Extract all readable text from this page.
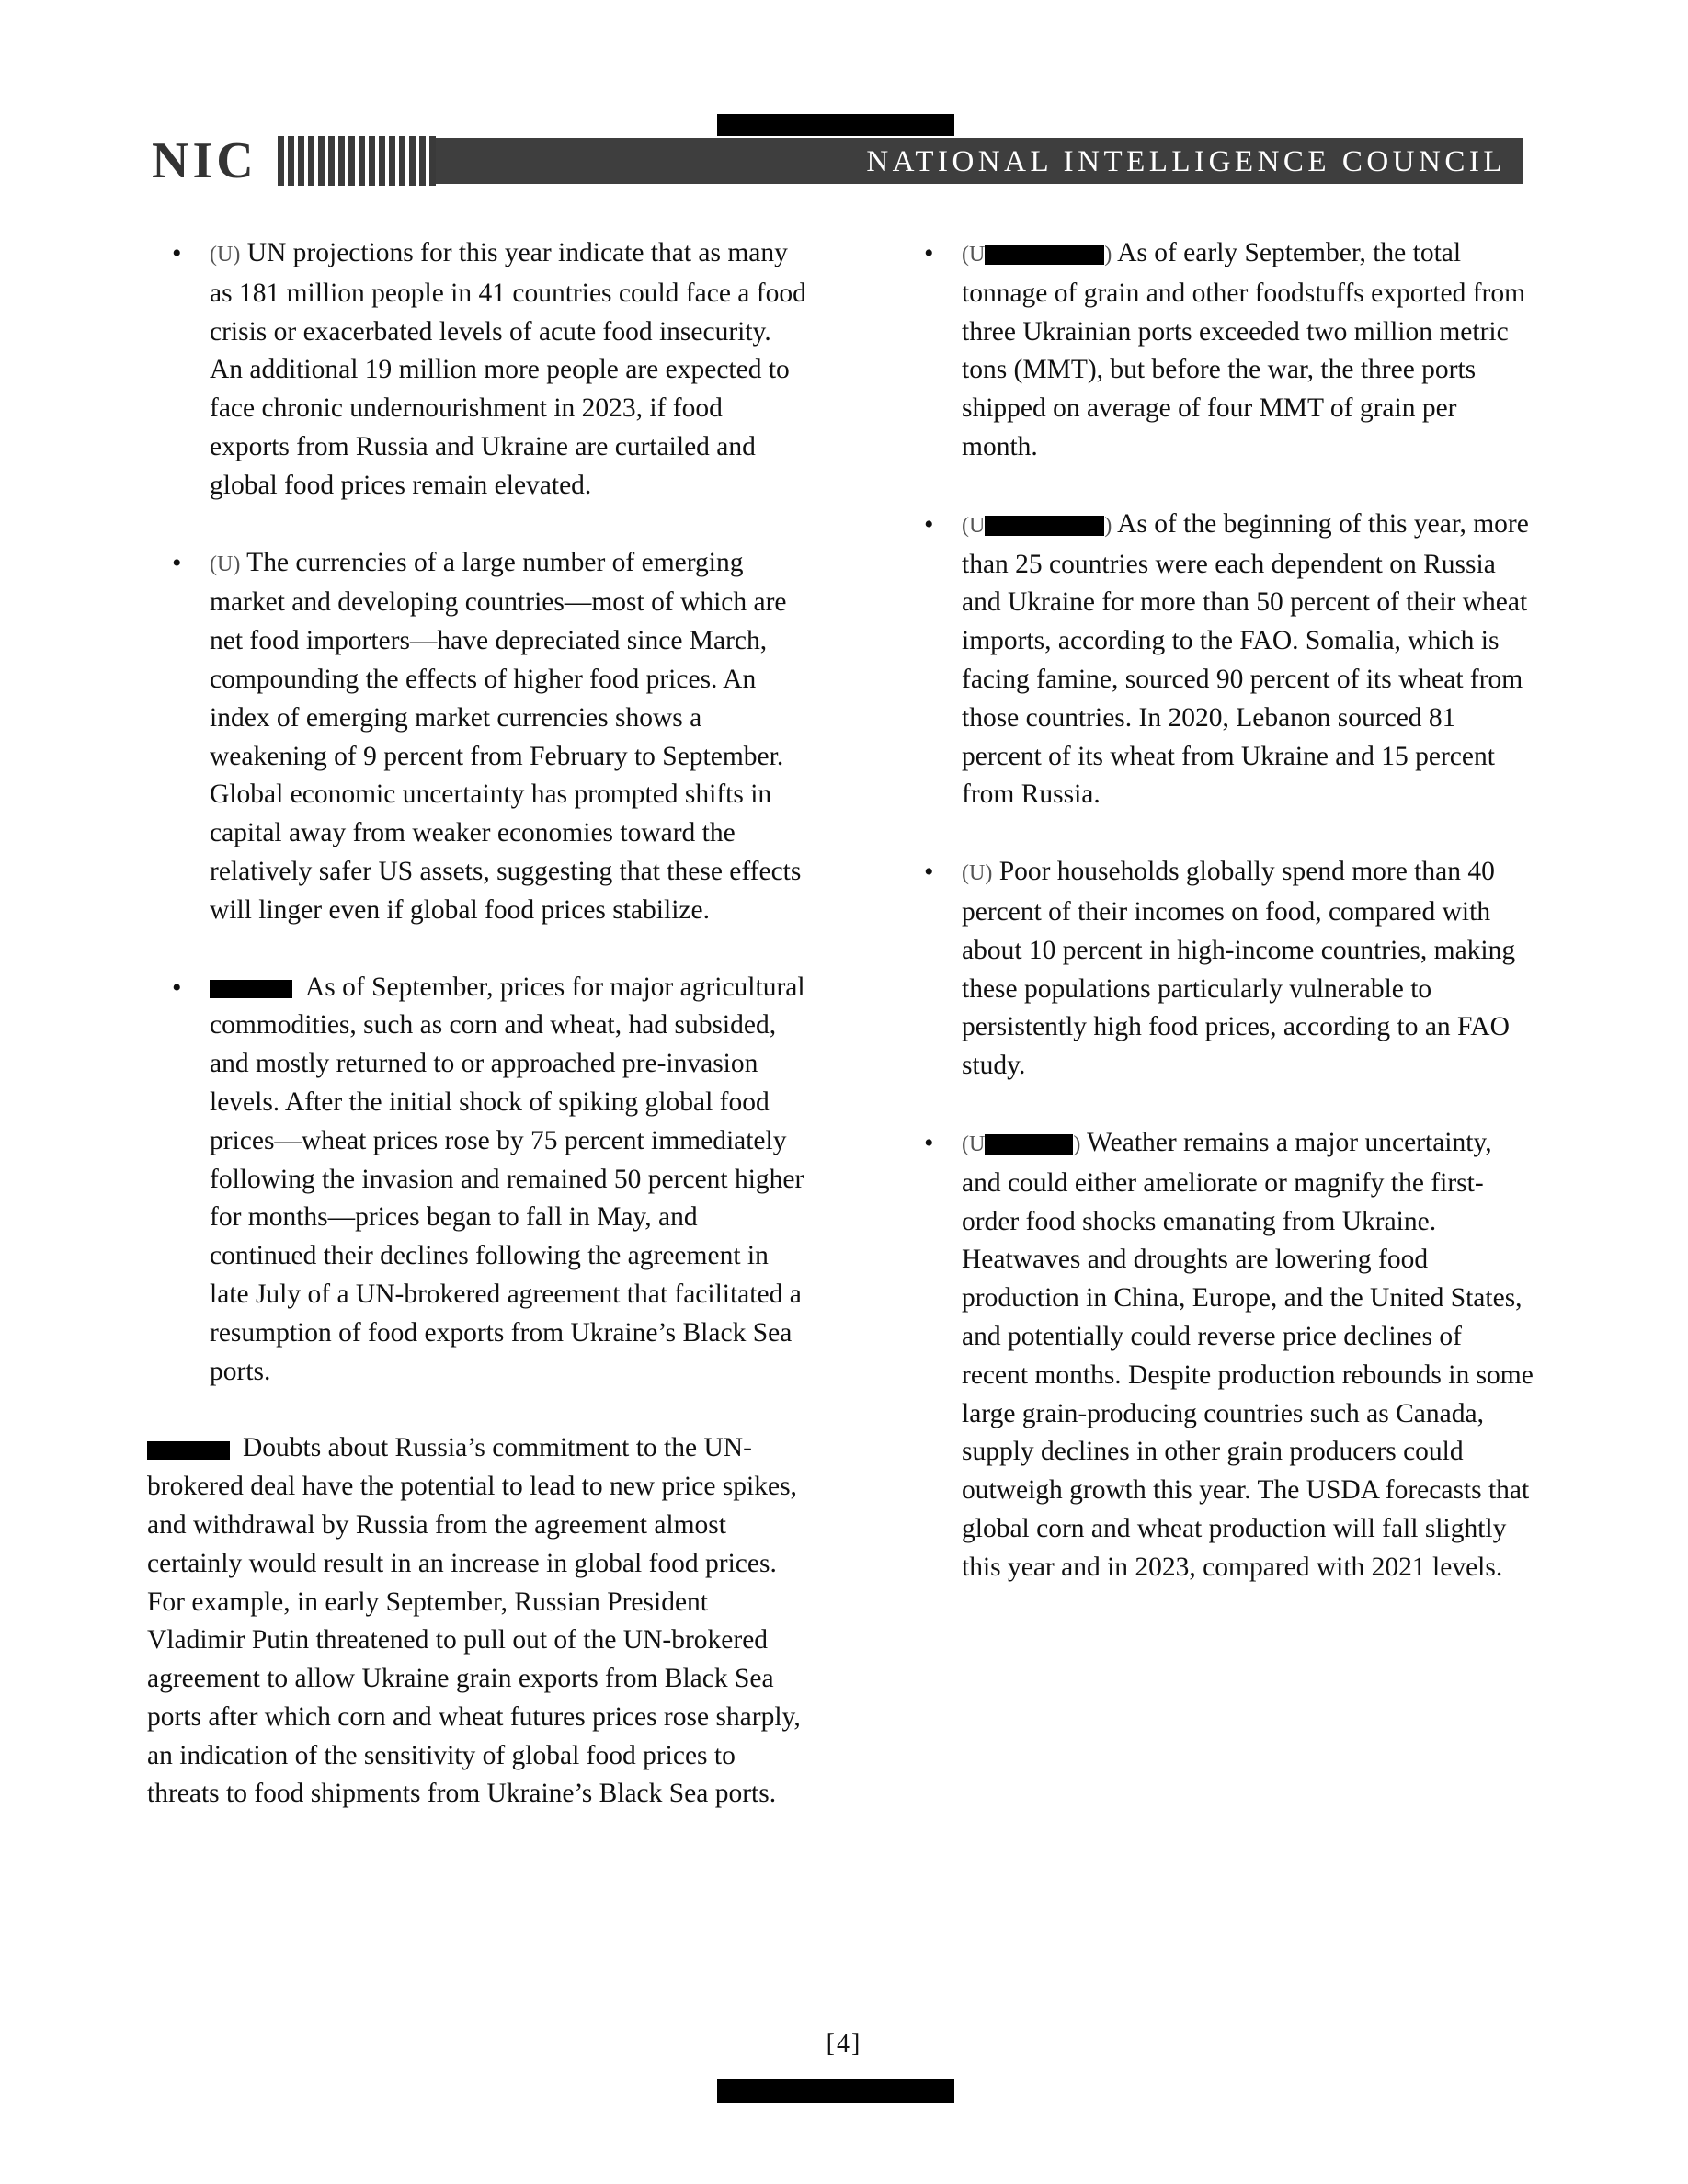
NIC	NATIONAL INTELLIGENCE COUNCIL
• (U) UN projections for this year indicate that as many as 181 million people in 41 countries could face a food crisis or exacerbated levels of acute food insecurity. An additional 19 million more people are expected to face chronic undernourishment in 2023, if food exports from Russia and Ukraine are curtailed and global food prices remain elevated.
• (U) The currencies of a large number of emerging market and developing countries—most of which are net food importers—have depreciated since March, compounding the effects of higher food prices. An index of emerging market currencies shows a weakening of 9 percent from February to September. Global economic uncertainty has prompted shifts in capital away from weaker economies toward the relatively safer US assets, suggesting that these effects will linger even if global food prices stabilize.
• As of September, prices for major agricultural commodities, such as corn and wheat, had subsided, and mostly returned to or approached pre-invasion levels. After the initial shock of spiking global food prices—wheat prices rose by 75 percent immediately following the invasion and remained 50 percent higher for months—prices began to fall in May, and continued their declines following the agreement in late July of a UN-brokered agreement that facilitated a resumption of food exports from Ukraine’s Black Sea ports.
Doubts about Russia’s commitment to the UN-brokered deal have the potential to lead to new price spikes, and withdrawal by Russia from the agreement almost certainly would result in an increase in global food prices. For example, in early September, Russian President Vladimir Putin threatened to pull out of the UN-brokered agreement to allow Ukraine grain exports from Black Sea ports after which corn and wheat futures prices rose sharply, an indication of the sensitivity of global food prices to threats to food shipments from Ukraine’s Black Sea ports.
• (U	) As of early September, the total tonnage of grain and other foodstuffs exported from three Ukrainian ports exceeded two million metric tons (MMT), but before the war, the three ports shipped on average of four MMT of grain per month.
• (U	) As of the beginning of this year, more than 25 countries were each dependent on Russia and Ukraine for more than 50 percent of their wheat imports, according to the FAO. Somalia, which is facing famine, sourced 90 percent of its wheat from those countries. In 2020, Lebanon sourced 81 percent of its wheat from Ukraine and 15 percent from Russia.
• (U) Poor households globally spend more than 40 percent of their incomes on food, compared with about 10 percent in high-income countries, making these populations particularly vulnerable to persistently high food prices, according to an FAO study.
• (U	) Weather remains a major uncertainty, and could either ameliorate or magnify the first-order food shocks emanating from Ukraine. Heatwaves and droughts are lowering food production in China, Europe, and the United States, and potentially could reverse price declines of recent months. Despite production rebounds in some large grain-producing countries such as Canada, supply declines in other grain producers could outweigh growth this year. The USDA forecasts that global corn and wheat production will fall slightly this year and in 2023, compared with 2021 levels.
[4]
